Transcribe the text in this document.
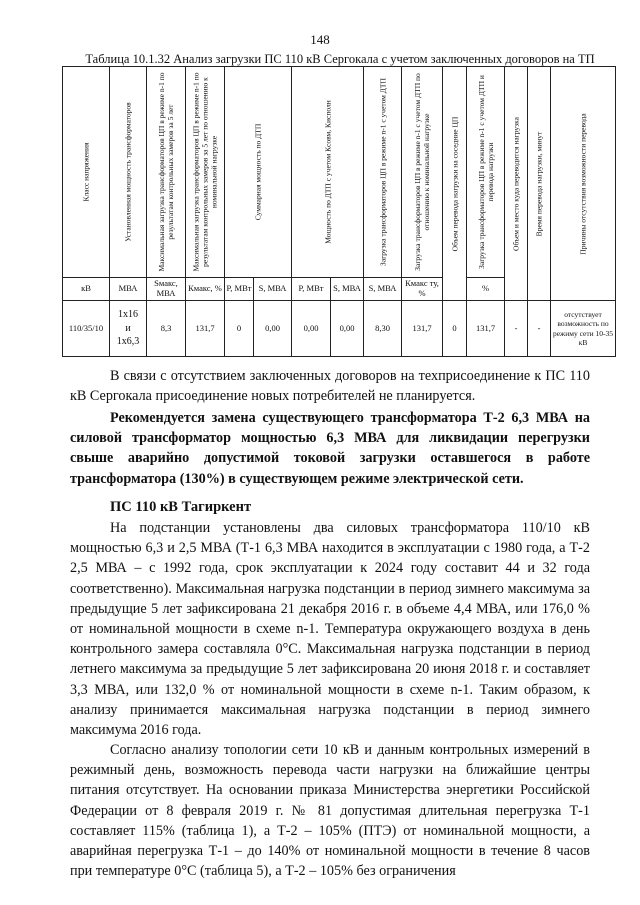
148
Таблица 10.1.32 Анализ загрузки ПС 110 кВ Сергокала с учетом заключенных договоров на ТП
Класс напряжения	Установленная мощность трансформаторов	Максимальная загрузка трансформаторов ЦП в режиме n-1 по результатам контрольных замеров за 5 лет	Максимальная загрузка трансформаторов ЦП в режиме n-1 по результатам контрольных замеров за 5 лет по отношению к номинальной нагрузке	Суммарная мощность по ДТП		Мощность по ДТП с учетом Ксовм, Кисполн		Загрузка трансформаторов ЦП в режиме n-1 с учетом ДТП	Загрузка трансформаторов ЦП в режиме n-1 с учетом ДТП по отношению к номинальной нагрузке	Объем перевода нагрузки на соседние ЦП	Загрузка трансформаторов ЦП в режиме n-1 с учетом ДТП и перевода нагрузки	Объем и место куда переводится нагрузка	Время перевода нагрузки, минут	Причины отсутствия возможности перевода

кВ	МВА	Sмакс, МВА	Кмакс, %	P, МВт	S, МВА	P, МВт	S, МВА	S, МВА	Кмакс ту, %		%			
110/35/10	1х16
и
1х6,3	8,3	131,7	0	0,00	0,00	0,00	8,30	131,7	0	131,7	-	-	отсутствует возможность по режиму сети 10-35 кВ
В связи с отсутствием заключенных договоров на техприсоединение к ПС 110 кВ Сергокала присоединение новых потребителей не планируется.
Рекомендуется замена существующего трансформатора Т-2 6,3 МВА на силовой трансформатор мощностью 6,3 МВА для ликвидации перегрузки свыше аварийно допустимой токовой загрузки оставшегося в работе трансформатора (130%) в существующем режиме электрической сети.
ПС 110 кВ Тагиркент
На подстанции установлены два силовых трансформатора 110/10 кВ мощностью 6,3 и 2,5 МВА (Т-1 6,3 МВА находится в эксплуатации с 1980 года, а Т-2 2,5 МВА – с 1992 года, срок эксплуатации к 2024 году составит 44 и 32 года соответственно). Максимальная нагрузка подстанции в период зимнего максимума за предыдущие 5 лет зафиксирована 21 декабря 2016 г. в объеме 4,4 МВА, или 176,0 % от номинальной мощности в схеме n-1. Температура окружающего воздуха в день контрольного замера составляла 0°С. Максимальная нагрузка подстанции в период летнего максимума за предыдущие 5 лет зафиксирована 20 июня 2018 г. и составляет 3,3 МВА, или 132,0 % от номинальной мощности в схеме n-1. Таким образом, к анализу принимается максимальная нагрузка подстанции в период зимнего максимума 2016 года.
Согласно анализу топологии сети 10 кВ и данным контрольных измерений в режимный день, возможность перевода части нагрузки на ближайшие центры питания отсутствует. На основании приказа Министерства энергетики Российской Федерации от 8 февраля 2019 г. № 81 допустимая длительная перегрузка Т-1 составляет 115% (таблица 1), а Т-2 – 105% (ПТЭ) от номинальной мощности, а аварийная перегрузка Т-1 – до 140% от номинальной мощности в течение 8 часов при температуре 0°С (таблица 5), а Т-2 – 105% без ограничения
